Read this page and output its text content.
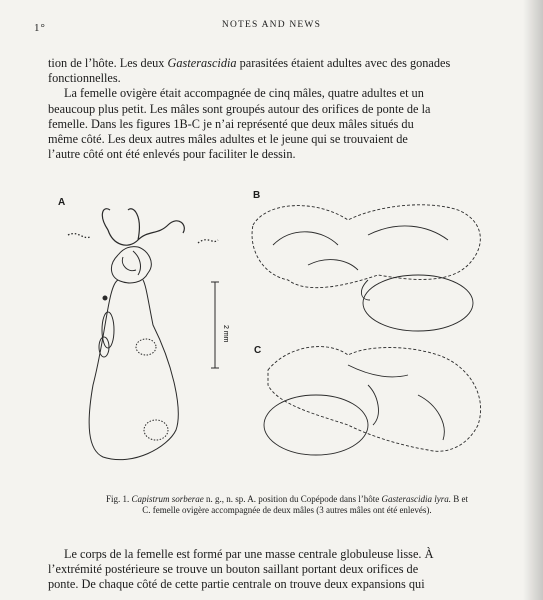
1°	NOTES AND NEWS

tion de l’hôte. Les deux Gasterascidia parasitées étaient adultes avec des gonades
fonctionnelles.

La femelle ovigère était accompagnée de cinq mâles, quatre adultes et un
beaucoup plus petit. Les mâles sont groupés autour des orifices de ponte de la
femelle. Dans les figures 1B-C je n’ai représenté que deux mâles situés du
même côté. Les deux autres mâles adultes et le jeune qui se trouvaient de
l’autre côté ont été enlevés pour faciliter le dessin.

A
B
C
2 mm
Fig. 1. Capistrum sorberae n. g., n. sp. A. position du Copépode dans l’hôte Gasterascidia lyra. B et
C. femelle ovigère accompagnée de deux mâles (3 autres mâles ont été enlevés).
Le corps de la femelle est formé par une masse centrale globuleuse lisse. À
l’extrémité postérieure se trouve un bouton saillant portant deux orifices de
ponte. De chaque côté de cette partie centrale on trouve deux expansions qui
